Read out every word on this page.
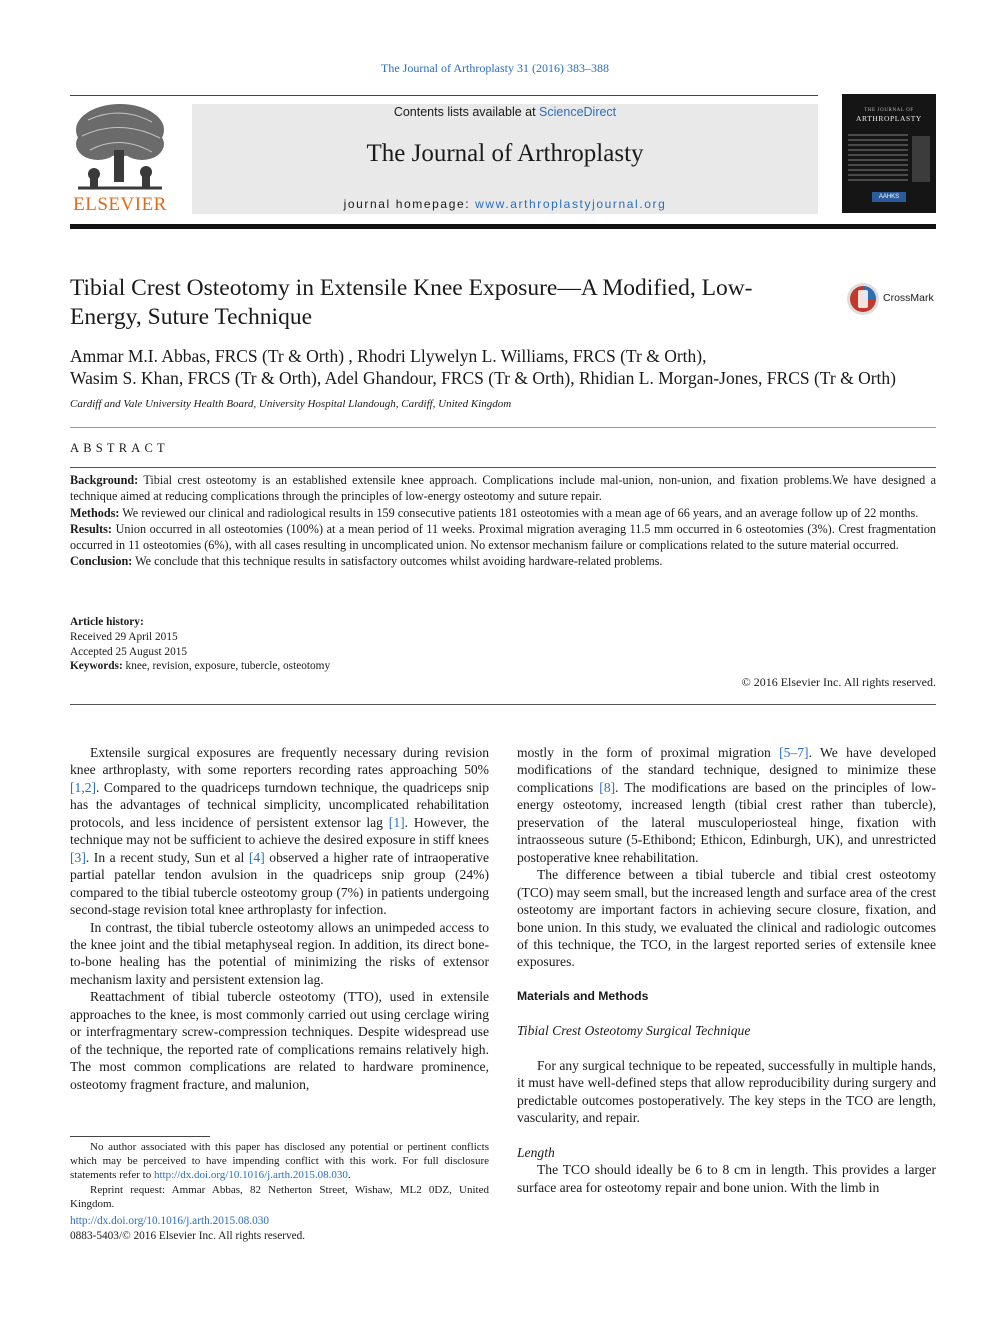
The Journal of Arthroplasty 31 (2016) 383–388
ELSEVIER
Contents lists available at ScienceDirect
The Journal of Arthroplasty
journal homepage: www.arthroplastyjournal.org
THE JOURNAL OF
ARTHROPLASTY
AAHKS
Tibial Crest Osteotomy in Extensile Knee Exposure—A Modified, Low-Energy, Suture Technique
CrossMark
Ammar M.I. Abbas, FRCS (Tr & Orth) , Rhodri Llywelyn L. Williams, FRCS (Tr & Orth),
Wasim S. Khan, FRCS (Tr & Orth), Adel Ghandour, FRCS (Tr & Orth), Rhidian L. Morgan-Jones, FRCS (Tr & Orth)
Cardiff and Vale University Health Board, University Hospital Llandough, Cardiff, United Kingdom
ABSTRACT

Background: Tibial crest osteotomy is an established extensile knee approach. Complications include mal-union, non-union, and fixation problems.We have designed a technique aimed at reducing complications through the principles of low-energy osteotomy and suture repair.

Methods: We reviewed our clinical and radiological results in 159 consecutive patients 181 osteotomies with a mean age of 66 years, and an average follow up of 22 months.

Results: Union occurred in all osteotomies (100%) at a mean period of 11 weeks. Proximal migration averaging 11.5 mm occurred in 6 osteotomies (3%). Crest fragmentation occurred in 11 osteotomies (6%), with all cases resulting in uncomplicated union. No extensor mechanism failure or complications related to the suture material occurred.

Conclusion: We conclude that this technique results in satisfactory outcomes whilst avoiding hardware-related problems.

Article history:
Received 29 April 2015
Accepted 25 August 2015
Keywords: knee, revision, exposure, tubercle, osteotomy
© 2016 Elsevier Inc. All rights reserved.

Extensile surgical exposures are frequently necessary during revision knee arthroplasty, with some reporters recording rates approaching 50% [1,2]. Compared to the quadriceps turndown technique, the quadriceps snip has the advantages of technical simplicity, uncomplicated rehabilitation protocols, and less incidence of persistent extensor lag [1]. However, the technique may not be sufficient to achieve the desired exposure in stiff knees [3]. In a recent study, Sun et al [4] observed a higher rate of intraoperative partial patellar tendon avulsion in the quadriceps snip group (24%) compared to the tibial tubercle osteotomy group (7%) in patients undergoing second-stage revision total knee arthroplasty for infection.

In contrast, the tibial tubercle osteotomy allows an unimpeded access to the knee joint and the tibial metaphyseal region. In addition, its direct bone-to-bone healing has the potential of minimizing the risks of extensor mechanism laxity and persistent extension lag.

Reattachment of tibial tubercle osteotomy (TTO), used in extensile approaches to the knee, is most commonly carried out using cerclage wiring or interfragmentary screw-compression techniques. Despite widespread use of the technique, the reported rate of complications remains relatively high. The most common complications are related to hardware prominence, osteotomy fragment fracture, and malunion,

mostly in the form of proximal migration [5–7]. We have developed modifications of the standard technique, designed to minimize these complications [8]. The modifications are based on the principles of low-energy osteotomy, increased length (tibial crest rather than tubercle), preservation of the lateral musculoperiosteal hinge, fixation with intraosseous suture (5-Ethibond; Ethicon, Edinburgh, UK), and unrestricted postoperative knee rehabilitation.

The difference between a tibial tubercle and tibial crest osteotomy (TCO) may seem small, but the increased length and surface area of the crest osteotomy are important factors in achieving secure closure, fixation, and bone union. In this study, we evaluated the clinical and radiologic outcomes of this technique, the TCO, in the largest reported series of extensile knee exposures.

Materials and Methods

Tibial Crest Osteotomy Surgical Technique

For any surgical technique to be repeated, successfully in multiple hands, it must have well-defined steps that allow reproducibility during surgery and predictable outcomes postoperatively. The key steps in the TCO are length, vascularity, and repair.

Length

The TCO should ideally be 6 to 8 cm in length. This provides a larger surface area for osteotomy repair and bone union. With the limb in

No author associated with this paper has disclosed any potential or pertinent conflicts which may be perceived to have impending conflict with this work. For full disclosure statements refer to http://dx.doi.org/10.1016/j.arth.2015.08.030.

Reprint request: Ammar Abbas, 82 Netherton Street, Wishaw, ML2 0DZ, United Kingdom.

http://dx.doi.org/10.1016/j.arth.2015.08.030
0883-5403/© 2016 Elsevier Inc. All rights reserved.
